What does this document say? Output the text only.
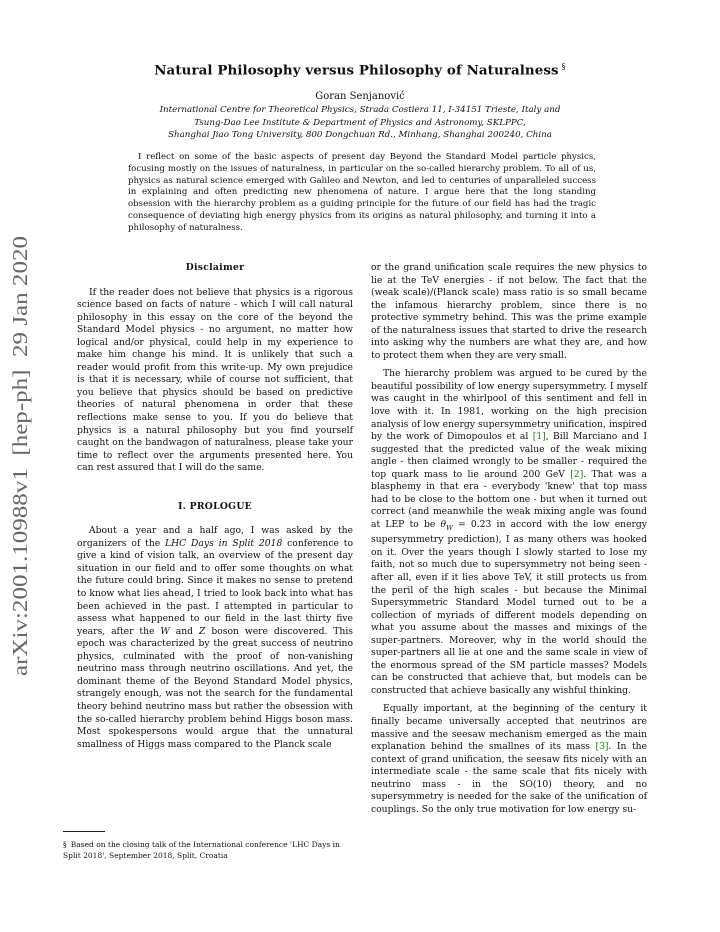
arXiv:2001.10988v1  [hep-ph]  29 Jan 2020
Natural Philosophy versus Philosophy of Naturalness §
Goran Senjanović
International Centre for Theoretical Physics, Strada Costiera 11, I-34151 Trieste, Italy and
Tsung-Dao Lee Institute & Department of Physics and Astronomy, SKLPPC,
Shanghai Jiao Tong University, 800 Dongchuan Rd., Minhang, Shanghai 200240, China

I reflect on some of the basic aspects of present day Beyond the Standard Model particle physics, focusing mostly on the issues of naturalness, in particular on the so-called hierarchy problem. To all of us, physics as natural science emerged with Galileo and Newton, and led to centuries of unparalleled success in explaining and often predicting new phenomena of nature. I argue here that the long standing obsession with the hierarchy problem as a guiding principle for the future of our field has had the tragic consequence of deviating high energy physics from its origins as natural philosophy, and turning it into a philosophy of naturalness.

Disclaimer

If the reader does not believe that physics is a rigorous science based on facts of nature - which I will call natural philosophy in this essay on the core of the beyond the Standard Model physics - no argument, no matter how logical and/or physical, could help in my experience to make him change his mind. It is unlikely that such a reader would profit from this write-up. My own prejudice is that it is necessary, while of course not sufficient, that you believe that physics should be based on predictive theories of natural phenomena in order that these reflections make sense to you. If you do believe that physics is a natural philosophy but you find yourself caught on the bandwagon of naturalness, please take your time to reflect over the arguments presented here. You can rest assured that I will do the same.

I. PROLOGUE

About a year and a half ago, I was asked by the organizers of the LHC Days in Split 2018 conference to give a kind of vision talk, an overview of the present day situation in our field and to offer some thoughts on what the future could bring. Since it makes no sense to pretend to know what lies ahead, I tried to look back into what has been achieved in the past. I attempted in particular to assess what happened to our field in the last thirty five years, after the W and Z boson were discovered. This epoch was characterized by the great success of neutrino physics, culminated with the proof of non-vanishing neutrino mass through neutrino oscillations. And yet, the dominant theme of the Beyond Standard Model physics, strangely enough, was not the search for the fundamental theory behind neutrino mass but rather the obsession with the so-called hierarchy problem behind Higgs boson mass. Most spokespersons would argue that the unnatural smallness of Higgs mass compared to the Planck scale

or the grand unification scale requires the new physics to lie at the TeV energies - if not below. The fact that the (weak scale)/(Planck scale) mass ratio is so small became the infamous hierarchy problem, since there is no protective symmetry behind. This was the prime example of the naturalness issues that started to drive the research into asking why the numbers are what they are, and how to protect them when they are very small.

The hierarchy problem was argued to be cured by the beautiful possibility of low energy supersymmetry. I myself was caught in the whirlpool of this sentiment and fell in love with it. In 1981, working on the high precision analysis of low energy supersymmetry unification, inspired by the work of Dimopoulos et al [1], Bill Marciano and I suggested that the predicted value of the weak mixing angle - then claimed wrongly to be smaller - required the top quark mass to lie around 200 GeV [2]. That was a blasphemy in that era - everybody 'knew' that top mass had to be close to the bottom one - but when it turned out correct (and meanwhile the weak mixing angle was found at LEP to be $\theta_W = 0.23$ in accord with the low energy supersymmetry prediction), I as many others was hooked on it. Over the years though I slowly started to lose my faith, not so much due to supersymmetry not being seen - after all, even if it lies above TeV, it still protects us from the peril of the high scales - but because the Minimal Supersymmetric Standard Model turned out to be a collection of myriads of different models depending on what you assume about the masses and mixings of the super-partners. Moreover, why in the world should the super-partners all lie at one and the same scale in view of the enormous spread of the SM particle masses? Models can be constructed that achieve that, but models can be constructed that achieve basically any wishful thinking.

Equally important, at the beginning of the century it finally became universally accepted that neutrinos are massive and the seesaw mechanism emerged as the main explanation behind the smallnes of its mass [3]. In the context of grand unification, the seesaw fits nicely with an intermediate scale - the same scale that fits nicely with neutrino mass - in the SO(10) theory, and no supersymmetry is needed for the sake of the unification of couplings. So the only true motivation for low energy su-

§ Based on the closing talk of the International conference 'LHC Days in Split 2018', September 2018, Split, Croatia
